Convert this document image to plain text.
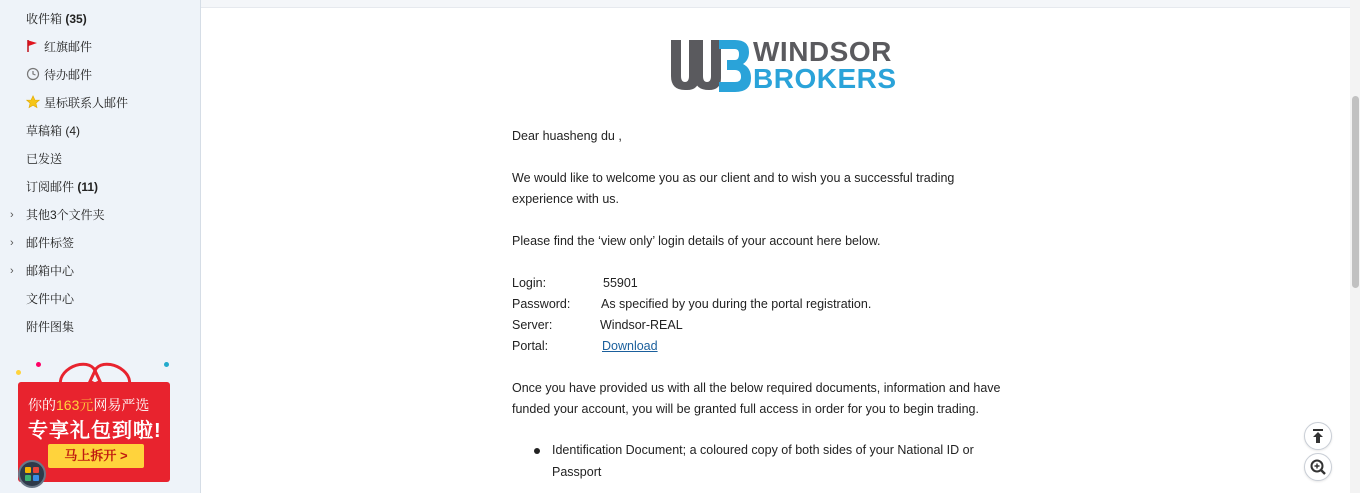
收件箱 (35)
红旗邮件
待办邮件
星标联系人邮件
草稿箱 (4)
已发送
订阅邮件 (11)
› 其他3个文件夹
› 邮件标签
› 邮箱中心
文件中心
附件图集
你的163元网易严选
专享礼包到啦!
马上拆开 >
WINDSOR
BROKERS
Dear huasheng du ,
We would like to welcome you as our client and to wish you a successful trading
experience with us.
Please find the ‘view only’ login details of your account here below.
Login:	55901
Password: As specified by you during the portal registration.
Server:	Windsor-REAL
Portal:	Download
Once you have provided us with all the below required documents, information and have
funded your account, you will be granted full access in order for you to begin trading.
Identification Document; a coloured copy of both sides of your National ID or
Passport
